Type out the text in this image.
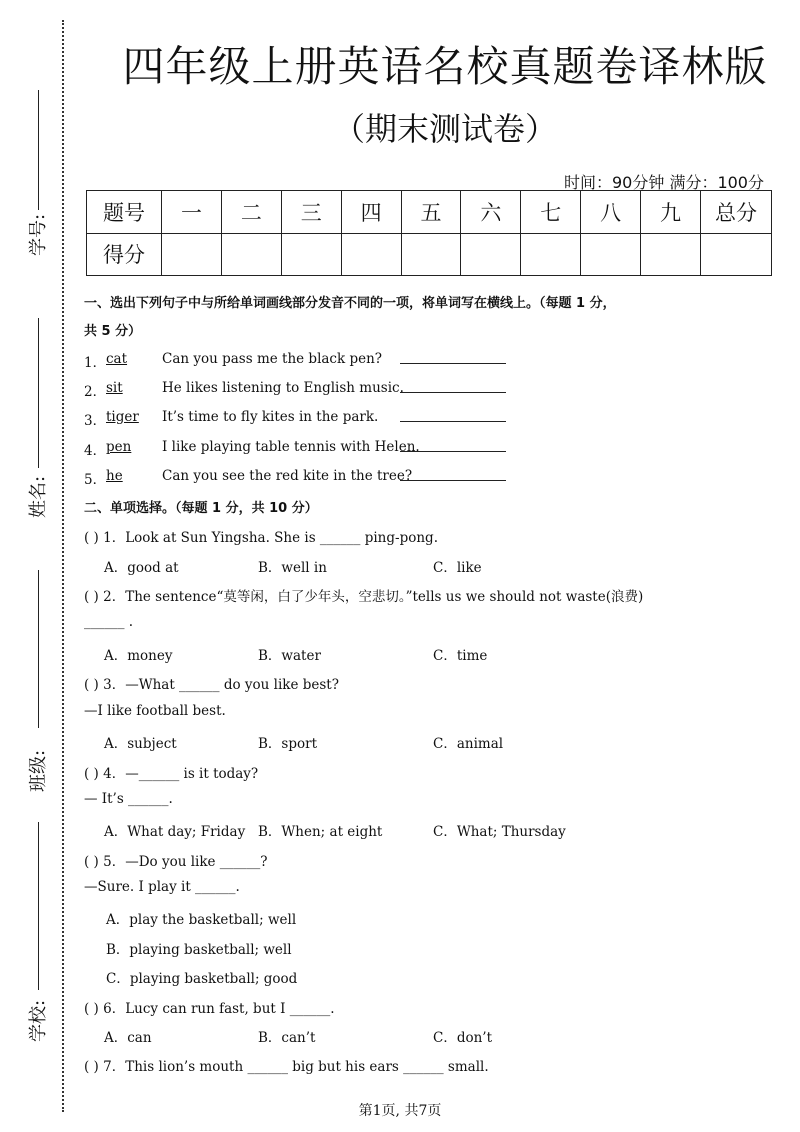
学号:
姓名:
班级:
学校:
四年级上册英语名校真题卷译林版
（期末测试卷）
时间：90分钟 满分：100分
题号	一	二	三	四	五	六	七	八	九	总分
得分										
一、选出下列句子中与所给单词画线部分发音不同的一项，将单词写在横线上。（每题 1 分，
共 5 分）
1． cat	Can you pass me the black pen?
2． sit	He likes listening to English music.
3． tiger It’s time to fly kites in the park.
4． pen I like playing table tennis with Helen.
5． he	Can you see the red kite in the tree?
二、单项选择。（每题 1 分，共 10 分）
( ) 1．Look at Sun Yingsha. She is ______ ping-pong.
A．good at	B．well in	C．like
( ) 2．The sentence“莫等闲，白了少年头，空悲切。”tells us we should not waste(浪费)
______ .
A．money	B．water	C．time
( ) 3．—What ______ do you like best?
—I like football best.
A．subject	B．sport	C．animal
( ) 4．—______ is it today?
— It’s ______.
A．What day; Friday B．When; at eight	C．What; Thursday
( ) 5．—Do you like ______?
—Sure. I play it ______.
A．play the basketball; well
B．playing basketball; well
C．playing basketball; good
( ) 6．Lucy can run fast, but I ______.
A．can	B．can’t	C．don’t
( ) 7．This lion’s mouth ______ big but his ears ______ small.
第1页, 共7页
